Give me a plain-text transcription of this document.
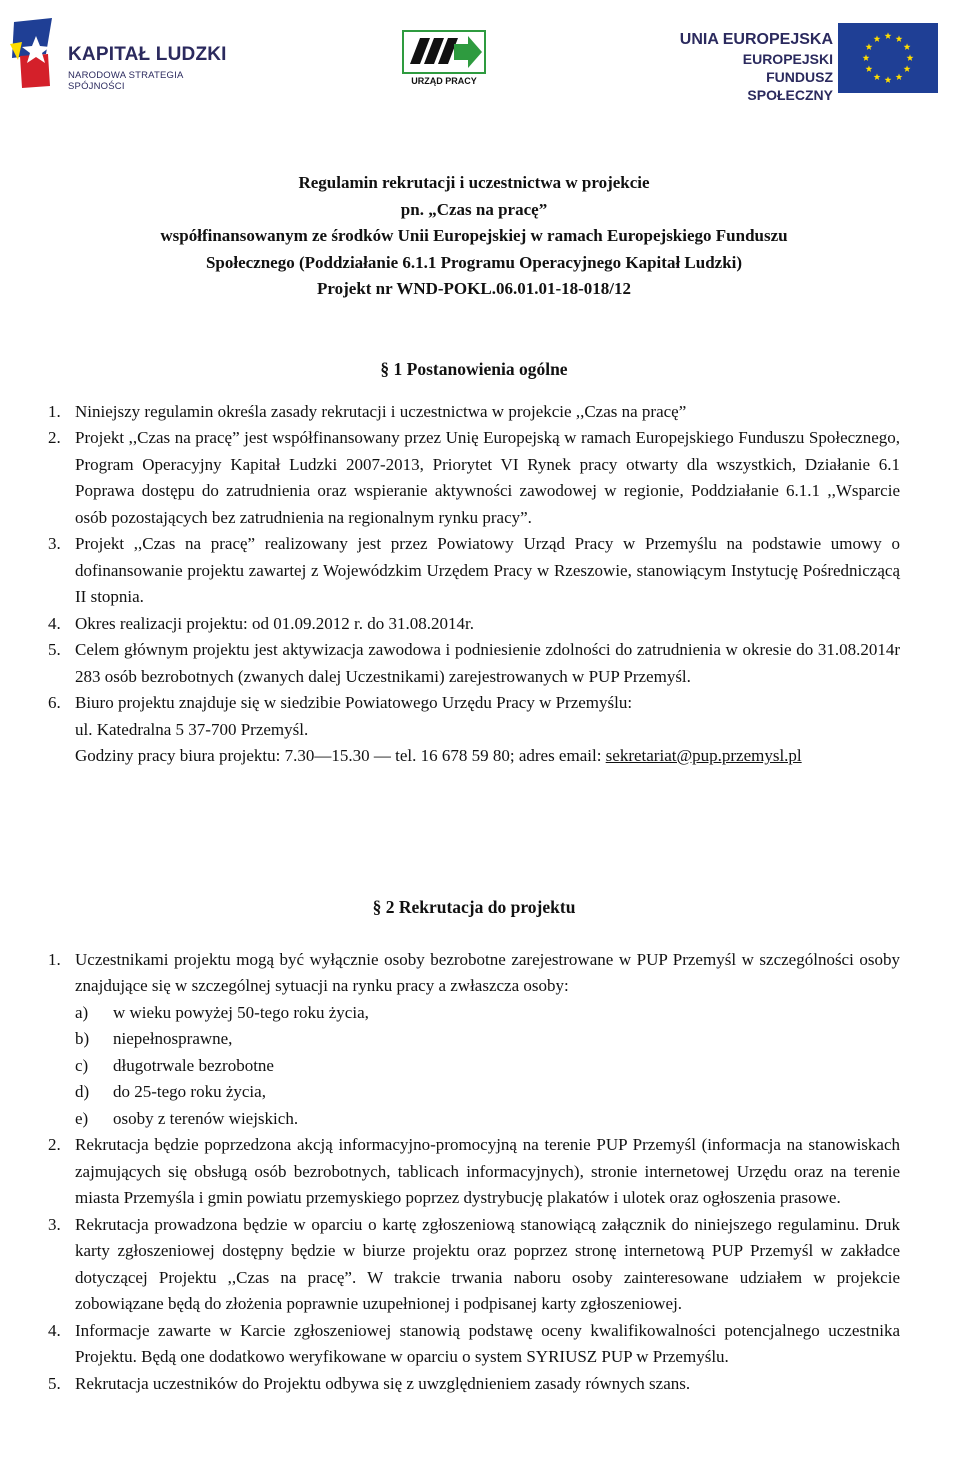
KAPITAŁ LUDZKI
NARODOWA STRATEGIA SPÓJNOŚCI	URZĄD PRACY
UNIA EUROPEJSKA
EUROPEJSKI
FUNDUSZ SPOŁECZNY
Regulamin rekrutacji i uczestnictwa w projekcie
pn. „Czas na pracę”
współfinansowanym ze środków Unii Europejskiej w ramach Europejskiego Funduszu
Społecznego (Poddziałanie 6.1.1 Programu Operacyjnego Kapitał Ludzki)
Projekt nr WND-POKL.06.01.01-18-018/12

§ 1 Postanowienia ogólne

1. Niniejszy regulamin określa zasady rekrutacji i uczestnictwa w projekcie ,,Czas na pracę”
2. Projekt ,,Czas na pracę” jest współfinansowany przez Unię Europejską w ramach Europejskiego Funduszu Społecznego, Program Operacyjny Kapitał Ludzki 2007-2013, Priorytet VI Rynek pracy otwarty dla wszystkich, Działanie 6.1 Poprawa dostępu do zatrudnienia oraz wspieranie aktywności zawodowej w regionie, Poddziałanie 6.1.1 ,,Wsparcie osób pozostających bez zatrudnienia na regionalnym rynku pracy”.
3. Projekt ,,Czas na pracę” realizowany jest przez Powiatowy Urząd Pracy w Przemyślu na podstawie umowy o dofinansowanie projektu zawartej z Wojewódzkim Urzędem Pracy w Rzeszowie, stanowiącym Instytucję Pośredniczącą II stopnia.
4. Okres realizacji projektu: od 01.09.2012 r. do 31.08.2014r.
5. Celem głównym projektu jest aktywizacja zawodowa i podniesienie zdolności do zatrudnienia w okresie do 31.08.2014r 283 osób bezrobotnych (zwanych dalej Uczestnikami) zarejestrowanych w PUP Przemyśl.
6. Biuro projektu znajduje się w siedzibie Powiatowego Urzędu Pracy w Przemyślu:
ul. Katedralna 5 37-700 Przemyśl.
Godziny pracy biura projektu: 7.30—15.30 — tel. 16 678 59 80; adres email: sekretariat@pup.przemysl.pl

§ 2 Rekrutacja do projektu

1. Uczestnikami projektu mogą być wyłącznie osoby bezrobotne zarejestrowane w PUP Przemyśl w szczególności osoby znajdujące się w szczególnej sytuacji na rynku pracy a zwłaszcza osoby:
a) w wieku powyżej 50-tego roku życia,
b) niepełnosprawne,
c) długotrwale bezrobotne
d) do 25-tego roku życia,
e) osoby z terenów wiejskich.
2. Rekrutacja będzie poprzedzona akcją informacyjno-promocyjną na terenie PUP Przemyśl (informacja na stanowiskach zajmujących się obsługą osób bezrobotnych, tablicach informacyjnych), stronie internetowej Urzędu oraz na terenie miasta Przemyśla i gmin powiatu przemyskiego poprzez dystrybucję plakatów i ulotek oraz ogłoszenia prasowe.
3. Rekrutacja prowadzona będzie w oparciu o kartę zgłoszeniową stanowiącą załącznik do niniejszego regulaminu. Druk karty zgłoszeniowej dostępny będzie w biurze projektu oraz poprzez stronę internetową PUP Przemyśl w zakładce dotyczącej Projektu ,,Czas na pracę”. W trakcie trwania naboru osoby zainteresowane udziałem w projekcie zobowiązane będą do złożenia poprawnie uzupełnionej i podpisanej karty zgłoszeniowej.
4. Informacje zawarte w Karcie zgłoszeniowej stanowią podstawę oceny kwalifikowalności potencjalnego uczestnika Projektu. Będą one dodatkowo weryfikowane w oparciu o system SYRIUSZ PUP w Przemyślu.
5. Rekrutacja uczestników do Projektu odbywa się z uwzględnieniem zasady równych szans.
